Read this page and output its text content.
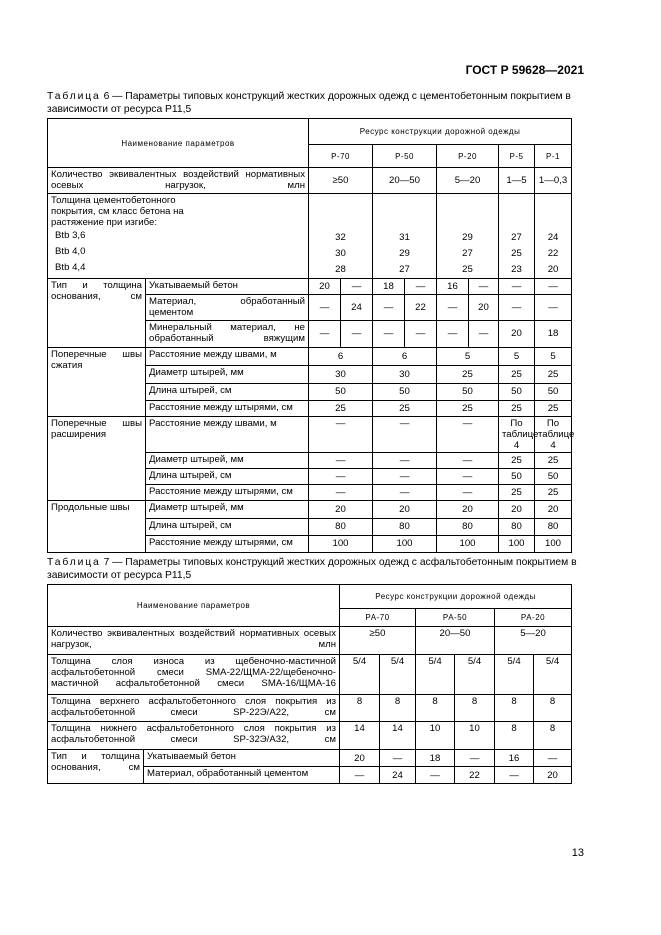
ГОСТ Р 59628—2021
Таблица 6 — Параметры типовых конструкций жестких дорожных одежд с цементобетонным покрытием в зависимости от ресурса Р11,5
Наименование параметров		Ресурс конструкции дорожной одежды							
		Р-70		Р-50		Р-20		Р-5	Р-1
Количество эквивалентных воздействий нормативных осевых нагрузок, млн		≥50		20—50		5—20		1—5	1—0,3
Толщина цементобетонного покрытия, см класс бетона на растяжение при изгибе:									
Btb 3,6		32		31		29		27	24
Btb 4,0		30		29		27		25	22
Btb 4,4		28		27		25		23	20
Тип и толщина основания, см	Укатываемый бетон	20	—	18	—	16	—	—	—
	Материал, обработанный цементом	—	24	—	22	—	20	—	—
	Минеральный материал, не обработанный вяжущим	—	—	—	—	—	—	20	18
Поперечные швы сжатия	Расстояние между швами, м	6		6		5		5	5
	Диаметр штырей, мм	30		30		25		25	25
	Длина штырей, см	50		50		50		50	50
	Расстояние между штырями, см	25		25		25		25	25
Поперечные швы расширения	Расстояние между швами, м	—		—		—		По таблице 4	По таблице 4
	Диаметр штырей, мм	—		—		—		25	25
	Длина штырей, см	—		—		—		50	50
	Расстояние между штырями, см	—		—		—		25	25
Продольные швы	Диаметр штырей, мм	20		20		20		20	20
	Длина штырей, см	80		80		80		80	80
	Расстояние между штырями, см	100		100		100		100	100
Таблица 7 — Параметры типовых конструкций жестких дорожных одежд с асфальтобетонным покрытием в зависимости от ресурса Р11,5
Наименование параметров		Ресурс конструкции дорожной одежды					
		РА-70		РА-50		РА-20	
Количество эквивалентных воздействий нормативных осевых нагрузок, млн		≥50		20—50		5—20	
Толщина слоя износа из щебеночно-мастичной асфальтобетонной смеси SMA-22/ЩМА-22/щебеночно-мастичной асфальтобетонной смеси SMA-16/ЩМА-16		5/4	5/4	5/4	5/4	5/4	5/4
Толщина верхнего асфальтобетонного слоя покрытия из асфальтобетонной смеси SP-22Э/А22, см		8	8	8	8	8	8
Толщина нижнего асфальтобетонного слоя покрытия из асфальтобетонной смеси SP-32Э/А32, см		14	14	10	10	8	8
Тип и толщина основания, см	Укатываемый бетон	20	—	18	—	16	—
	Материал, обработанный цементом	—	24	—	22	—	20
13
